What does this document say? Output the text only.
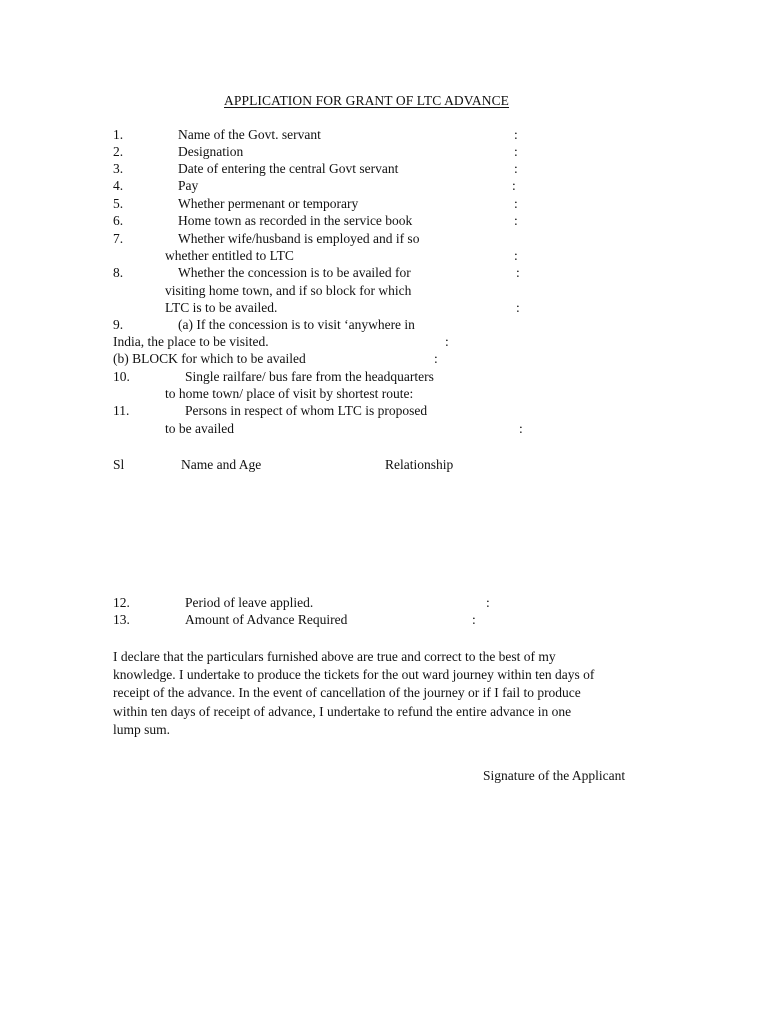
APPLICATION FOR GRANT OF LTC ADVANCE
1.	Name of the Govt. servant	:
2.	Designation	:
3.	Date of entering the central Govt servant	:
4.	Pay	:
5.	Whether permenant or temporary	:
6.	Home town as recorded in the service book	:
7.	Whether wife/husband is employed and if so
whether entitled to LTC	:
8.	Whether the concession is to be availed for	:
visiting home town, and if so block for which
LTC is to be availed.	:
9.	(a) If the concession is to visit ‘anywhere in
India, the place to be visited.	:
(b) BLOCK for which to be availed	:
10.	Single railfare/ bus fare from the headquarters
to home town/ place of visit by shortest route:
11.	Persons in respect of whom LTC is proposed
to be availed	:
Sl	Name and Age	Relationship
12.	Period of leave applied.	:
13.	Amount of Advance Required	:
I declare that the particulars furnished above are true and correct to the best of my
knowledge. I undertake to produce the tickets for the out ward journey within ten days of
receipt of the advance. In the event of cancellation of the journey or if I fail to produce
within ten days of receipt of advance, I undertake to refund the entire advance in one
lump sum.
Signature of the Applicant
